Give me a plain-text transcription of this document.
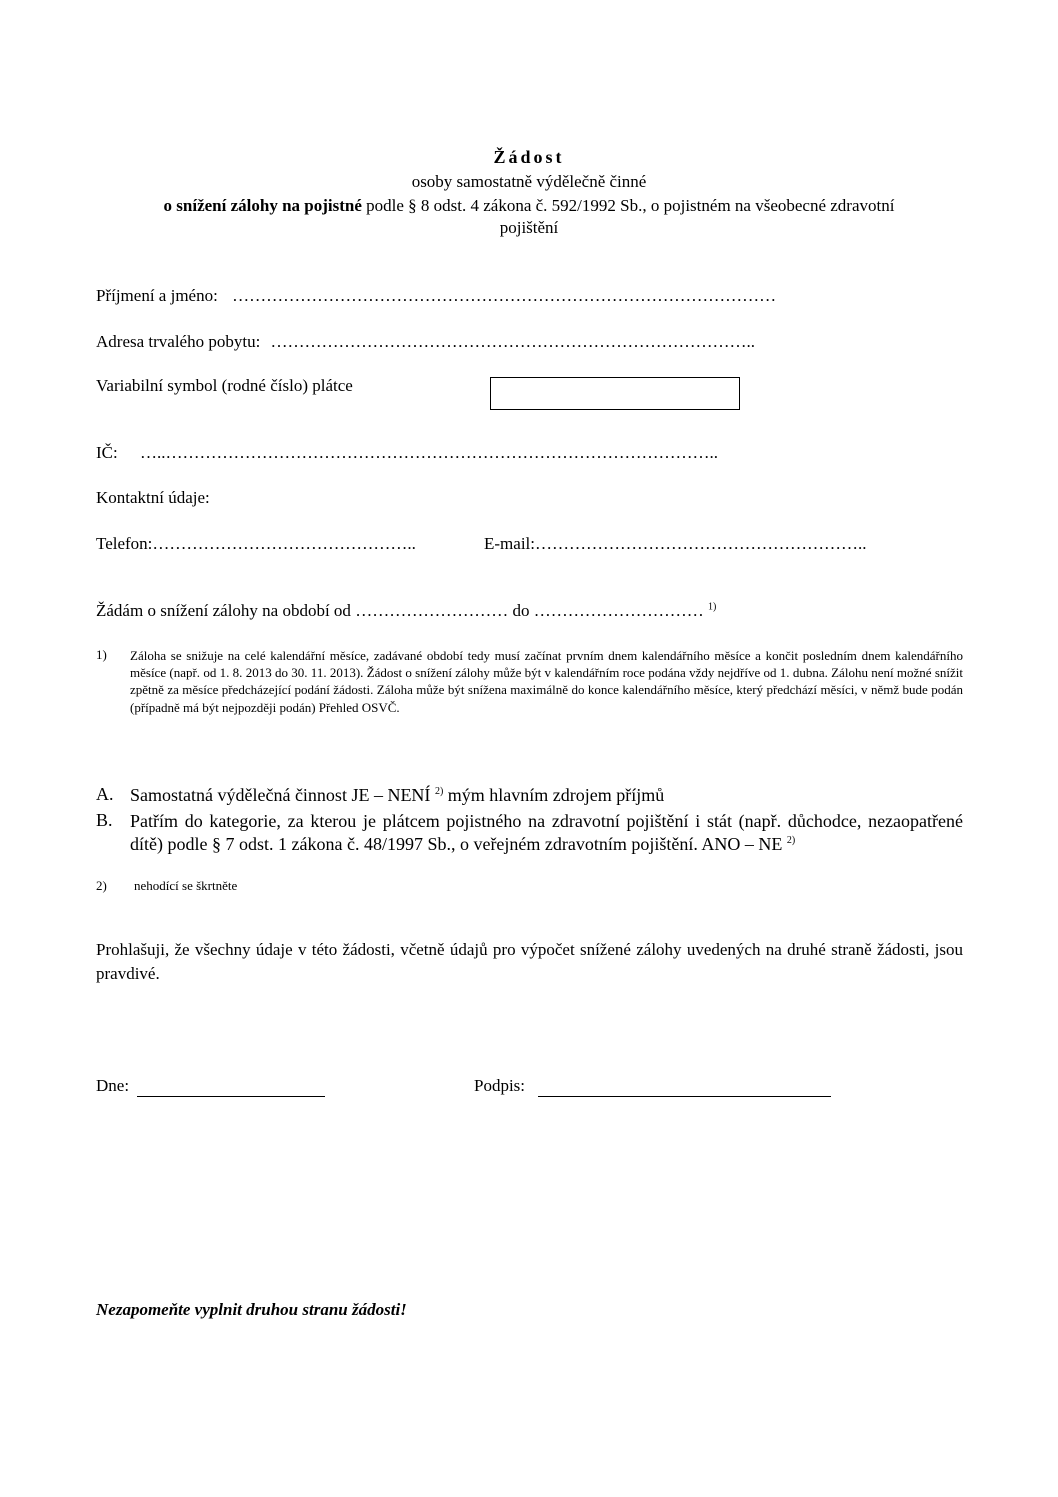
Žádost
osoby samostatně výdělečně činné
o snížení zálohy na pojistné podle § 8 odst. 4 zákona č. 592/1992 Sb., o pojistném na všeobecné zdravotní
pojištění
Příjmení a jméno: ……………………………………………………………………………………
Adresa trvalého pobytu: …………………………………………………………………………..
Variabilní symbol (rodné číslo) plátce
IČ: …..……………………………………………………………………………………..
Kontaktní údaje:
Telefon:………………………………………..	E-mail:…………………………………………………..
Žádám o snížení zálohy na období od ……………………… do ………………………… $^{1)}$
1) Záloha se snižuje na celé kalendářní měsíce, zadávané období tedy musí začínat prvním dnem kalendářního měsíce a končit posledním dnem kalendářního měsíce (např. od 1. 8. 2013 do 30. 11. 2013). Žádost o snížení zálohy může být v kalendářním roce podána vždy nejdříve od 1. dubna. Zálohu není možné snížit zpětně za měsíce předcházející podání žádosti. Záloha může být snížena maximálně do konce kalendářního měsíce, který předchází měsíci, v němž bude podán (případně má být nejpozději podán) Přehled OSVČ.
A. Samostatná výdělečná činnost JE – NENÍ $^{2)}$ mým hlavním zdrojem příjmů
B. Patřím do kategorie, za kterou je plátcem pojistného na zdravotní pojištění i stát (např. důchodce, nezaopatřené dítě) podle § 7 odst. 1 zákona č. 48/1997 Sb., o veřejném zdravotním pojištění. ANO – NE $^{2)}$
2) nehodící se škrtněte
Prohlašuji, že všechny údaje v této žádosti, včetně údajů pro výpočet snížené zálohy uvedených na druhé straně žádosti, jsou pravdivé.
Dne:	Podpis:
Nezapomeňte vyplnit druhou stranu žádosti!
